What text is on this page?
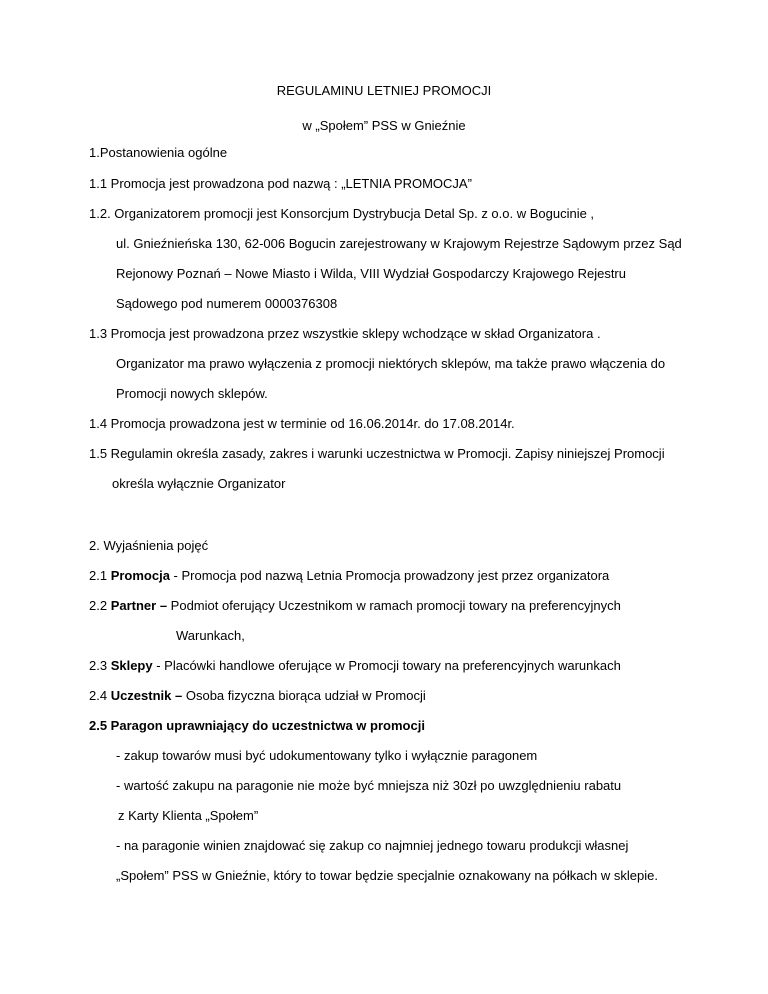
REGULAMINU LETNIEJ PROMOCJI
w „Społem” PSS w Gnieźnie
1.Postanowienia ogólne
1.1 Promocja jest prowadzona pod nazwą : „LETNIA PROMOCJA”
1.2. Organizatorem promocji jest Konsorcjum Dystrybucja Detal Sp. z o.o. w Bogucinie ,
ul. Gnieźnieńska 130, 62-006 Bogucin zarejestrowany w Krajowym Rejestrze Sądowym przez Sąd
Rejonowy Poznań – Nowe Miasto i Wilda, VIII Wydział Gospodarczy Krajowego Rejestru
Sądowego pod numerem 0000376308
1.3 Promocja jest prowadzona przez wszystkie sklepy wchodzące w skład Organizatora .
Organizator ma prawo wyłączenia z promocji niektórych sklepów, ma także prawo włączenia do
Promocji nowych sklepów.
1.4 Promocja prowadzona jest w terminie od 16.06.2014r. do 17.08.2014r.
1.5 Regulamin określa zasady, zakres i warunki uczestnictwa w Promocji. Zapisy niniejszej Promocji
określa wyłącznie Organizator
2. Wyjaśnienia pojęć
2.1 Promocja - Promocja pod nazwą Letnia Promocja prowadzony jest przez organizatora
2.2 Partner – Podmiot oferujący Uczestnikom w ramach promocji towary na preferencyjnych
Warunkach,
2.3 Sklepy - Placówki handlowe oferujące w Promocji towary na preferencyjnych warunkach
2.4 Uczestnik – Osoba fizyczna biorąca udział w Promocji
2.5 Paragon uprawniający do uczestnictwa w promocji
- zakup towarów musi być udokumentowany tylko i wyłącznie paragonem
- wartość zakupu na paragonie nie może być mniejsza niż 30zł po uwzględnieniu rabatu
z Karty Klienta „Społem”
- na paragonie winien znajdować się zakup co najmniej jednego towaru produkcji własnej
„Społem” PSS w Gnieźnie, który to towar będzie specjalnie oznakowany na półkach w sklepie.
